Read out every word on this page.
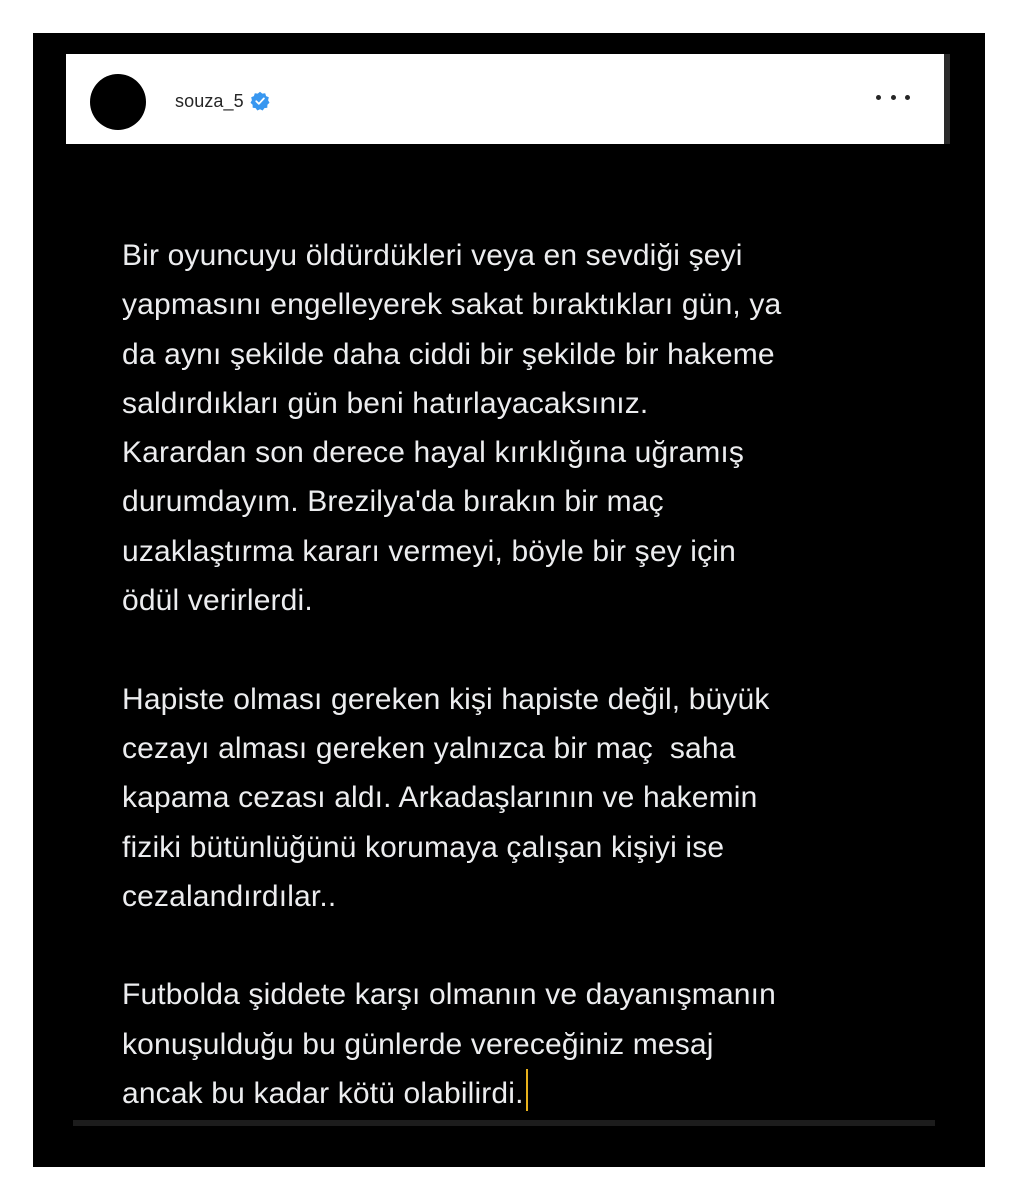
souza_5

Bir oyuncuyu öldürdükleri veya en sevdiği şeyi
yapmasını engelleyerek sakat bıraktıkları gün, ya
da aynı şekilde daha ciddi bir şekilde bir hakeme
saldırdıkları gün beni hatırlayacaksınız.
Karardan son derece hayal kırıklığına uğramış
durumdayım. Brezilya'da bırakın bir maç
uzaklaştırma kararı vermeyi, böyle bir şey için
ödül verirlerdi.

Hapiste olması gereken kişi hapiste değil, büyük
cezayı alması gereken yalnızca bir maç  saha
kapama cezası aldı. Arkadaşlarının ve hakemin
fiziki bütünlüğünü korumaya çalışan kişiyi ise
cezalandırdılar..

Futbolda şiddete karşı olmanın ve dayanışmanın
konuşulduğu bu günlerde vereceğiniz mesaj
ancak bu kadar kötü olabilirdi.
